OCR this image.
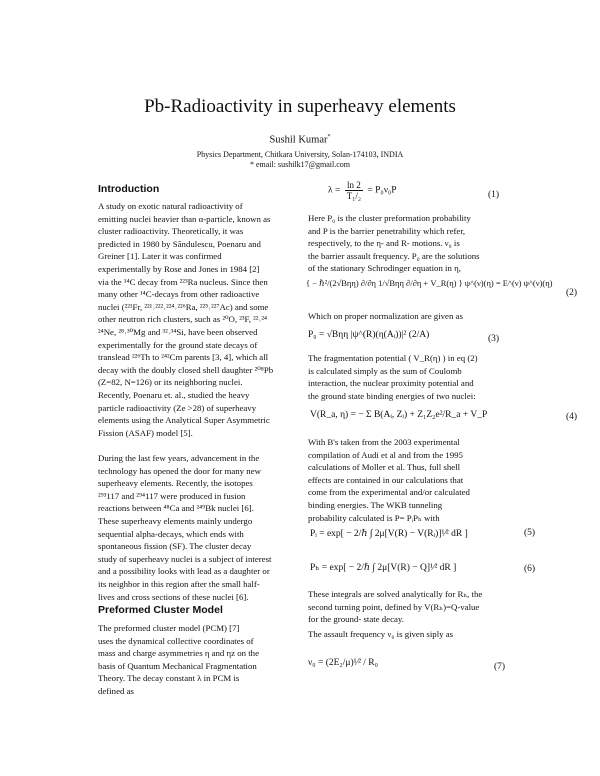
Pb-Radioactivity in superheavy elements
Sushil Kumar*
Physics Department, Chitkara University, Solan-174103, INDIA
* email: sushilk17@gmail.com
Introduction
A study on exotic natural radioactivity of
emitting nuclei heavier than α-particle, known as
cluster radioactivity. Theoretically, it was
predicted in 1980 by Săndulescu, Poenaru and
Greiner [1]. Later it was confirmed
experimentally by Rose and Jones in 1984 [2]
via the ¹⁴C decay from ²²³Ra nucleus. Since then
many other ¹⁴C-decays from other radioactive
nuclei (²²¹Fr, ²²¹˒²²²˒²²⁴˒²²⁶Ra, ²²⁵˒²²⁷Ac) and some
other neutron rich clusters, such as ²⁰O, ²³F, ²²˒²⁴
²⁴Ne, ²⁸˒³⁰Mg and ³²˒³⁴Si, have been observed
experimentally for the ground state decays of
translead ²²⁶Th to ²⁴²Cm parents [3, 4], which all
decay with the doubly closed shell daughter ²⁰⁸Pb
(Z=82, N=126) or its neighboring nuclei.
Recently, Poenaru et. al., studied the heavy
particle radioactivity (Ze >28) of superheavy
elements using the Analytical Super Asymmetric
Fission (ASAF) model [5].
During the last few years, advancement in the
technology has opened the door for many new
superheavy elements. Recently, the isotopes
²⁹³117 and ²⁹⁴117 were produced in fusion
reactions between ⁴⁸Ca and ²⁴⁹Bk nuclei [6].
These superheavy elements mainly undergo
sequential alpha-decays, which ends with
spontaneous fission (SF). The cluster decay
study of superheavy nuclei is a subject of interest
and a possibility looks with lead as a daughter or
its neighbor in this region after the small half-
lives and cross sections of these nuclei [6].
Preformed Cluster Model
The preformed cluster model (PCM) [7]
uses the dynamical collective coordinates of
mass and charge asymmetries η and ηz on the
basis of Quantum Mechanical Fragmentation
Theory. The decay constant λ in PCM is
defined as
$\lambda = \frac{\ln 2}{\text{T₁/₂}} = P_0\nu_0P$	(1)
Here P₀ is the cluster preformation probability
and P is the barrier penetrability which refer,
respectively, to the η- and R- motions. ν₀ is
the barrier assault frequency. P₀ are the solutions
of the stationary Schrodinger equation in η,
{ − ℏ²/(2√Bηη) ∂/∂η 1/√Bηη ∂/∂η + V_R(η) } ψ^(ν)(η) = E^(ν) ψ^(ν)(η)
(2)
Which on proper normalization are given as
P₀ = √Bηη |ψ^(R)(η(Aᵢ))|² (2/A)	(3)
The fragmentation potential ( V_R(η) ) in eq (2)
is calculated simply as the sum of Coulomb
interaction, the nuclear proximity potential and
the ground state binding energies of two nuclei:
V(R_a, η) = − Σ B(Aᵢ, Zᵢ) + Z₁Z₂e²/R_a + V_P	(4)
With B's taken from the 2003 experimental
compilation of Audi et al and from the 1995
calculations of Moller et al. Thus, full shell
effects are contained in our calculations that
come from the experimental and/or calculated
binding energies. The WKB tunneling
probability calculated is P= PᵢPₕ with
Pᵢ = exp[ − 2/ℏ ∫ 2μ[V(R) − V(Rᵢ)]¹⁄² dR ]	(5)
Pₕ = exp[ − 2/ℏ ∫ 2μ[V(R) − Q]¹⁄² dR ]	(6)
These integrals are solved analytically for Rₕ, the
second turning point, defined by V(Rₕ)=Q-value
for the ground- state decay.
The assault frequency ν₀ is given siply as
ν₀ = (2E₂/μ)¹⁄² / R₀	(7)
